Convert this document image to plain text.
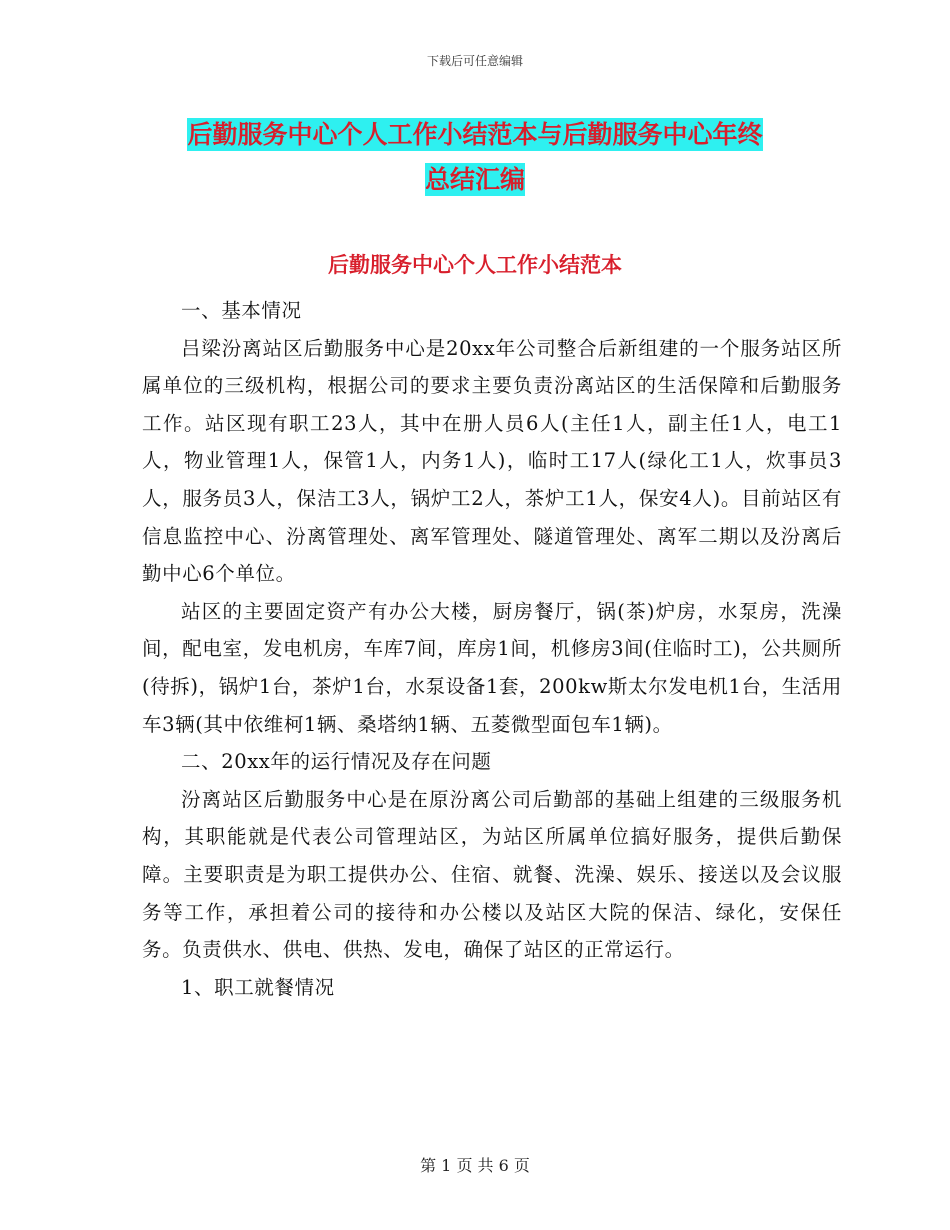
下载后可任意编辑
后勤服务中心个人工作小结范本与后勤服务中心年终
总结汇编
后勤服务中心个人工作小结范本

一、基本情况

吕梁汾离站区后勤服务中心是20xx年公司整合后新组建的一个服务站区所属单位的三级机构，根据公司的要求主要负责汾离站区的生活保障和后勤服务工作。站区现有职工23人，其中在册人员6人(主任1人，副主任1人，电工1人，物业管理1人，保管1人，内务1人)，临时工17人(绿化工1人，炊事员3人，服务员3人，保洁工3人，锅炉工2人，茶炉工1人，保安4人)。目前站区有信息监控中心、汾离管理处、离军管理处、隧道管理处、离军二期以及汾离后勤中心6个单位。

站区的主要固定资产有办公大楼，厨房餐厅，锅(茶)炉房，水泵房，洗澡间，配电室，发电机房，车库7间，库房1间，机修房3间(住临时工)，公共厕所(待拆)，锅炉1台，茶炉1台，水泵设备1套，200kw斯太尔发电机1台，生活用车3辆(其中依维柯1辆、桑塔纳1辆、五菱微型面包车1辆)。

二、20xx年的运行情况及存在问题

汾离站区后勤服务中心是在原汾离公司后勤部的基础上组建的三级服务机构，其职能就是代表公司管理站区，为站区所属单位搞好服务，提供后勤保障。主要职责是为职工提供办公、住宿、就餐、洗澡、娱乐、接送以及会议服务等工作，承担着公司的接待和办公楼以及站区大院的保洁、绿化，安保任务。负责供水、供电、供热、发电，确保了站区的正常运行。

1、职工就餐情况

第 1 页 共 6 页
